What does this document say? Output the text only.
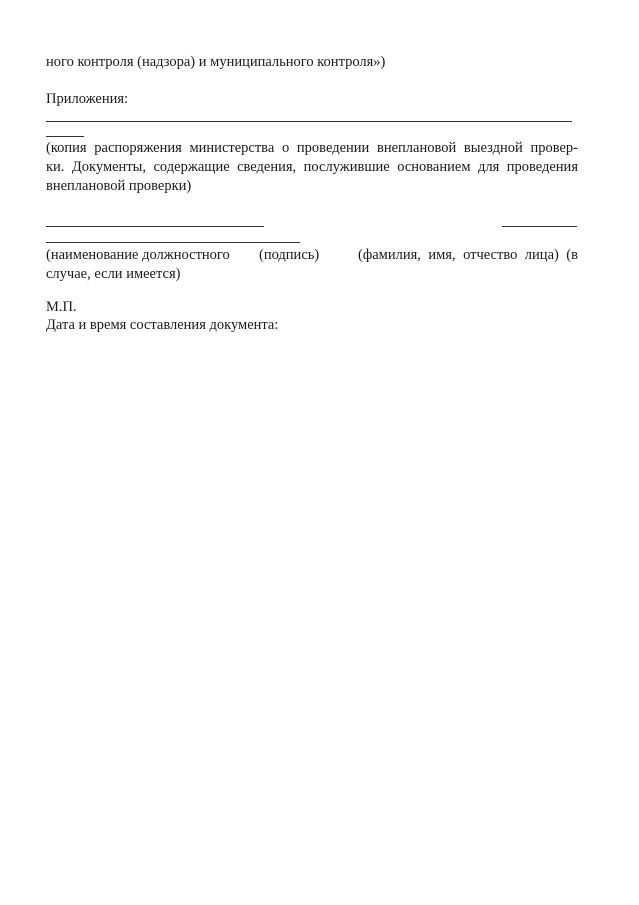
ного контроля (надзора) и муниципального контроля»)
Приложения:
(копия распоряжения министерства о проведении внеплановой выездной провер-
ки. Документы, содержащие сведения, послужившие основанием для проведения
внеплановой проверки)
(наименование должностного (подпись)	(фамилия, имя, отчество лица) (в
случае, если имеется)
М.П.
Дата и время составления документа:
